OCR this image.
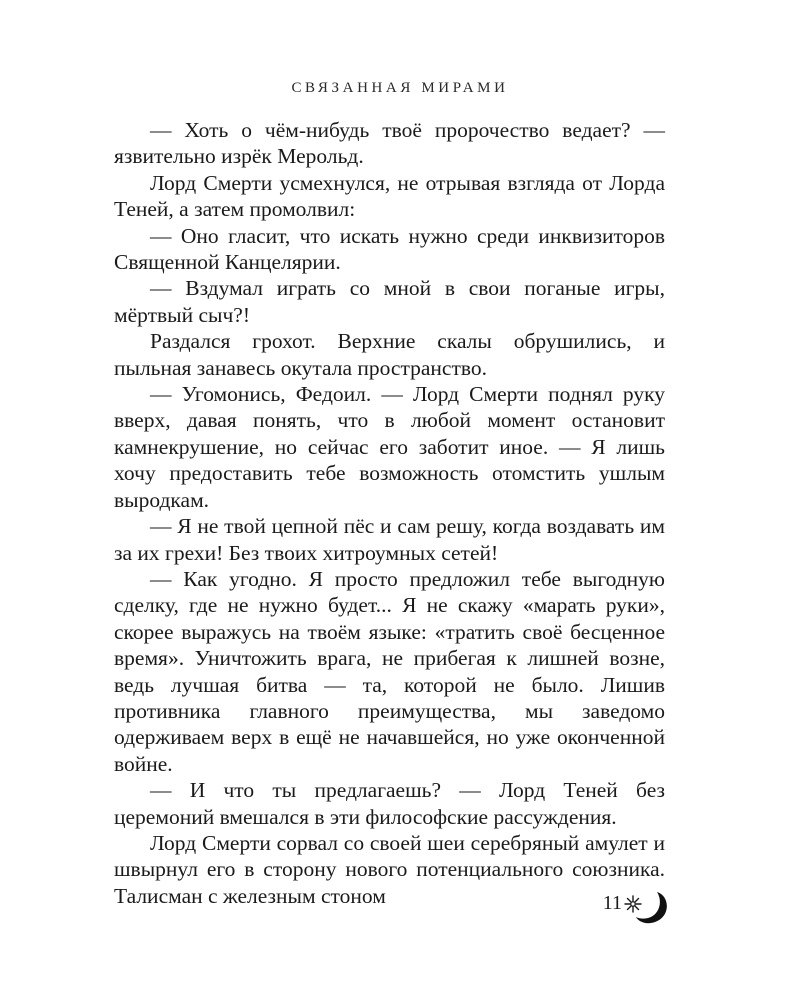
СВЯЗАННАЯ МИРАМИ

— Хоть о чём-нибудь твоё пророчество ведает? — язвительно изрёк Мерольд.

Лорд Смерти усмехнулся, не отрывая взгляда от Лорда Теней, а затем промолвил:

— Оно гласит, что искать нужно среди инквизиторов Священной Канцелярии.

— Вздумал играть со мной в свои поганые игры, мёртвый сыч?!

Раздался грохот. Верхние скалы обрушились, и пыльная занавесь окутала пространство.

— Угомонись, Федоил. — Лорд Смерти поднял руку вверх, давая понять, что в любой момент остановит камнекрушение, но сейчас его заботит иное. — Я лишь хочу предоставить тебе возможность отомстить ушлым выродкам.

— Я не твой цепной пёс и сам решу, когда воздавать им за их грехи! Без твоих хитроумных сетей!

— Как угодно. Я просто предложил тебе выгодную сделку, где не нужно будет... Я не скажу «марать руки», скорее выражусь на твоём языке: «тратить своё бесценное время». Уничтожить врага, не прибегая к лишней возне, ведь лучшая битва — та, которой не было. Лишив противника главного преимущества, мы заведомо одерживаем верх в ещё не начавшейся, но уже оконченной войне.

— И что ты предлагаешь? — Лорд Теней без церемоний вмешался в эти философские рассуждения.

Лорд Смерти сорвал со своей шеи серебряный амулет и швырнул его в сторону нового потенциального союзника. Талисман с железным стоном	11
